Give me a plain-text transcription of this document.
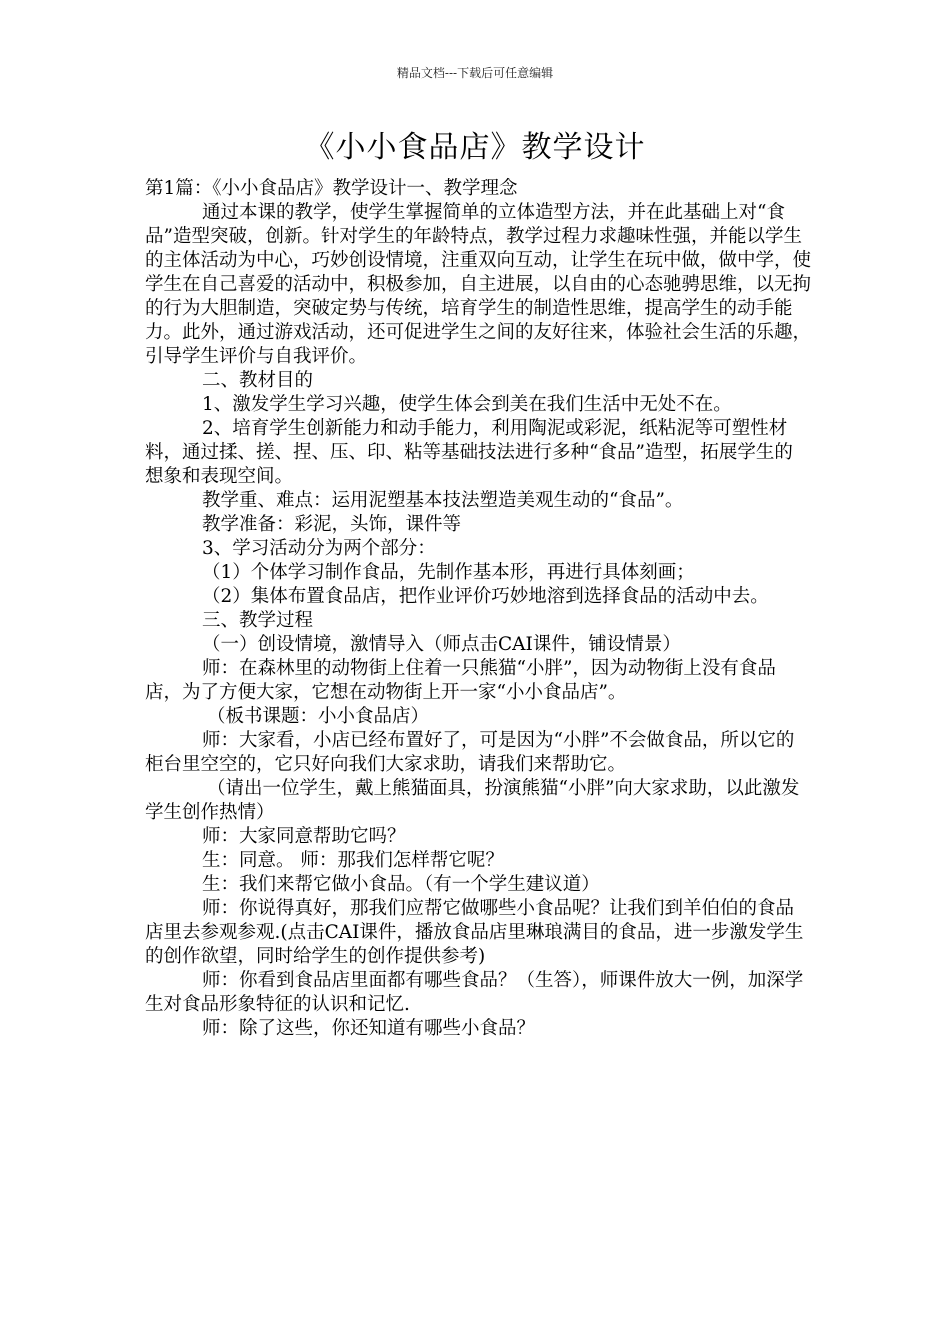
精品文档---下载后可任意编辑
《小小食品店》教学设计

第1篇：《小小食品店》教学设计一、教学理念

通过本课的教学，使学生掌握简单的立体造型方法，并在此基础上对“食品”造型突破，创新。针对学生的年龄特点，教学过程力求趣味性强，并能以学生的主体活动为中心，巧妙创设情境，注重双向互动，让学生在玩中做，做中学，使学生在自己喜爱的活动中，积极参加，自主进展，以自由的心态驰骋思维，以无拘的行为大胆制造，突破定势与传统，培育学生的制造性思维，提高学生的动手能力。此外，通过游戏活动，还可促进学生之间的友好往来，体验社会生活的乐趣，引导学生评价与自我评价。

二、教材目的

1、激发学生学习兴趣，使学生体会到美在我们生活中无处不在。

2、培育学生创新能力和动手能力，利用陶泥或彩泥，纸粘泥等可塑性材料，通过揉、搓、捏、压、印、粘等基础技法进行多种“食品”造型，拓展学生的想象和表现空间。

教学重、难点：运用泥塑基本技法塑造美观生动的“食品”。

教学准备：彩泥，头饰，课件等

3、学习活动分为两个部分：

（1）个体学习制作食品，先制作基本形，再进行具体刻画；

（2）集体布置食品店，把作业评价巧妙地溶到选择食品的活动中去。

三、教学过程

（一）创设情境，激情导入（师点击CAI课件，铺设情景）

师：在森林里的动物街上住着一只熊猫“小胖”，因为动物街上没有食品店，为了方便大家，它想在动物街上开一家“小小食品店”。

（板书课题：小小食品店）

师：大家看，小店已经布置好了，可是因为“小胖”不会做食品，所以它的柜台里空空的，它只好向我们大家求助，请我们来帮助它。

（请出一位学生，戴上熊猫面具，扮演熊猫“小胖”向大家求助，以此激发学生创作热情）

师：大家同意帮助它吗？

生：同意。 师：那我们怎样帮它呢？

生：我们来帮它做小食品。（有一个学生建议道）

师：你说得真好，那我们应帮它做哪些小食品呢？让我们到羊伯伯的食品店里去参观参观.(点击CAI课件，播放食品店里琳琅满目的食品，进一步激发学生的创作欲望，同时给学生的创作提供参考)

师：你看到食品店里面都有哪些食品？（生答），师课件放大一例，加深学生对食品形象特征的认识和记忆.

师：除了这些，你还知道有哪些小食品？
